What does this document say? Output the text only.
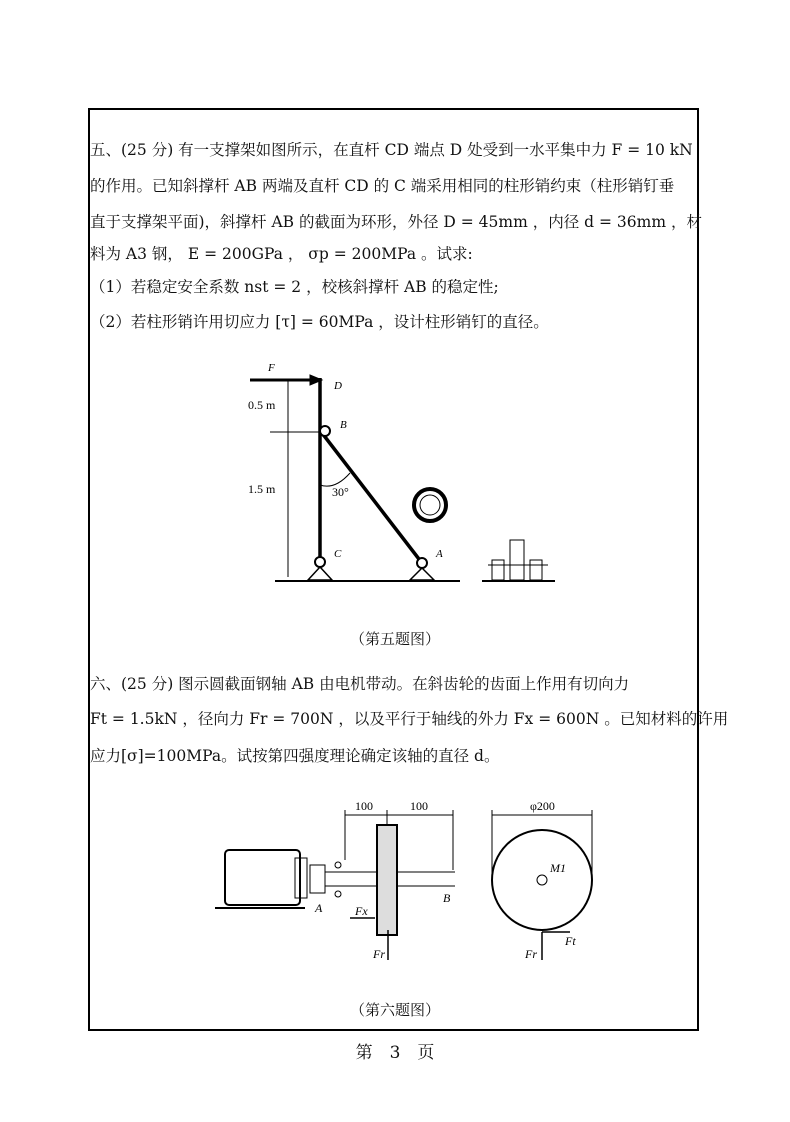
五、(25 分) 有一支撑架如图所示，在直杆 CD 端点 D 处受到一水平集中力 F = 10 kN
的作用。已知斜撑杆 AB 两端及直杆 CD 的 C 端采用相同的柱形销约束（柱形销钉垂
直于支撑架平面)，斜撑杆 AB 的截面为环形，外径 D = 45mm ，内径 d = 36mm ，材
料为 A3 钢， E = 200GPa ， σp = 200MPa 。试求:
（1）若稳定安全系数 nst = 2 ，校核斜撑杆 AB 的稳定性;
（2）若柱形销许用切应力 [τ] = 60MPa ，设计柱形销钉的直径。
F
D
0.5 m
B
1.5 m	30°
C	A
（第五题图）
六、(25 分) 图示圆截面钢轴 AB 由电机带动。在斜齿轮的齿面上作用有切向力
Ft = 1.5kN ，径向力 Fr = 700N ，以及平行于轴线的外力 Fx = 600N 。已知材料的许用
应力[σ]=100MPa。试按第四强度理论确定该轴的直径 d。
100	100	φ200
M1
A
B
Fx
Fr	Fr
Ft
（第六题图）
第　3　页
